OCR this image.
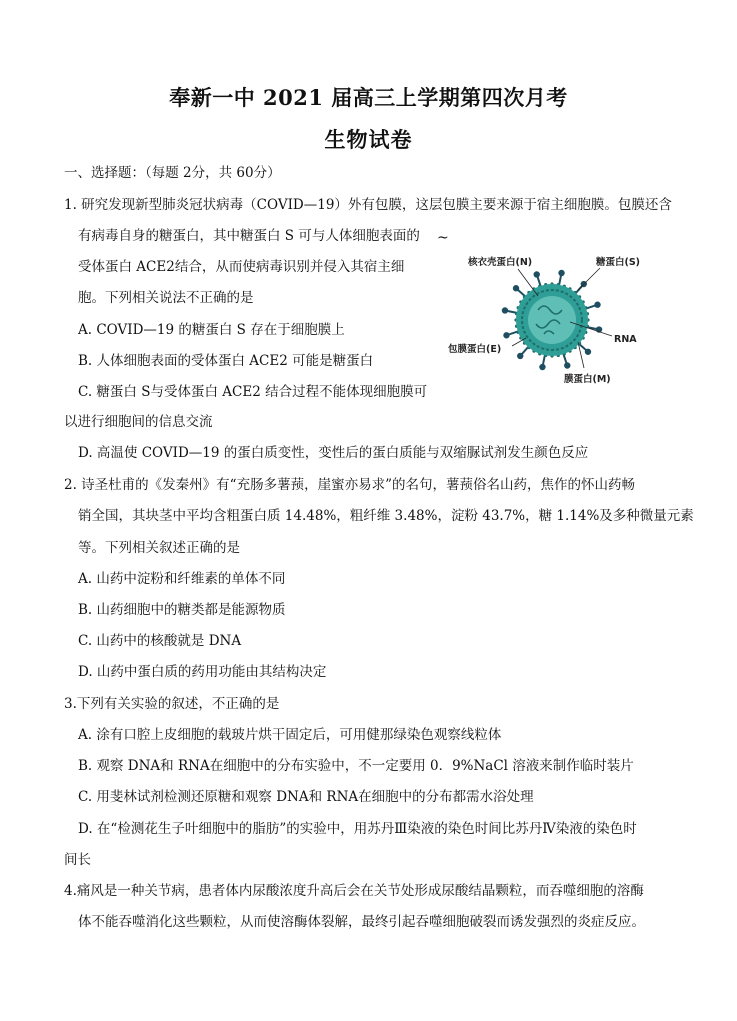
奉新一中 2021 届高三上学期第四次月考
生物试卷
一、选择题：（每题 2分，共 60分）
1. 研究发现新型肺炎冠状病毒（COVID—19）外有包膜，这层包膜主要来源于宿主细胞膜。包膜还含
有病毒自身的糖蛋白，其中糖蛋白 S 可与人体细胞表面的
受体蛋白 ACE2结合，从而使病毒识别并侵入其宿主细
胞。下列相关说法不正确的是
A. COVID—19 的糖蛋白 S 存在于细胞膜上
B. 人体细胞表面的受体蛋白 ACE2 可能是糖蛋白
C. 糖蛋白 S与受体蛋白 ACE2 结合过程不能体现细胞膜可
以进行细胞间的信息交流
D. 高温使 COVID—19 的蛋白质变性，变性后的蛋白质能与双缩脲试剂发生颜色反应
2. 诗圣杜甫的《发秦州》有“充肠多薯蓣，崖蜜亦易求”的名句，薯蓣俗名山药，焦作的怀山药畅
销全国，其块茎中平均含粗蛋白质 14.48%，粗纤维 3.48%，淀粉 43.7%，糖 1.14%及多种微量元素
等。下列相关叙述正确的是
A. 山药中淀粉和纤维素的单体不同
B. 山药细胞中的糖类都是能源物质
C. 山药中的核酸就是 DNA
D. 山药中蛋白质的药用功能由其结构决定
3.下列有关实验的叙述，不正确的是
A. 涂有口腔上皮细胞的载玻片烘干固定后，可用健那绿染色观察线粒体
B. 观察 DNA和 RNA在细胞中的分布实验中，不一定要用 0．9%NaCl 溶液来制作临时装片
C. 用斐林试剂检测还原糖和观察 DNA和 RNA在细胞中的分布都需水浴处理
D. 在“检测花生子叶细胞中的脂肪”的实验中，用苏丹Ⅲ染液的染色时间比苏丹Ⅳ染液的染色时
间长
4.痛风是一种关节病，患者体内尿酸浓度升高后会在关节处形成尿酸结晶颗粒，而吞噬细胞的溶酶
体不能吞噬消化这些颗粒，从而使溶酶体裂解，最终引起吞噬细胞破裂而诱发强烈的炎症反应。
~
核衣壳蛋白(N)	糖蛋白(S)
RNA
包膜蛋白(E)
膜蛋白(M)
